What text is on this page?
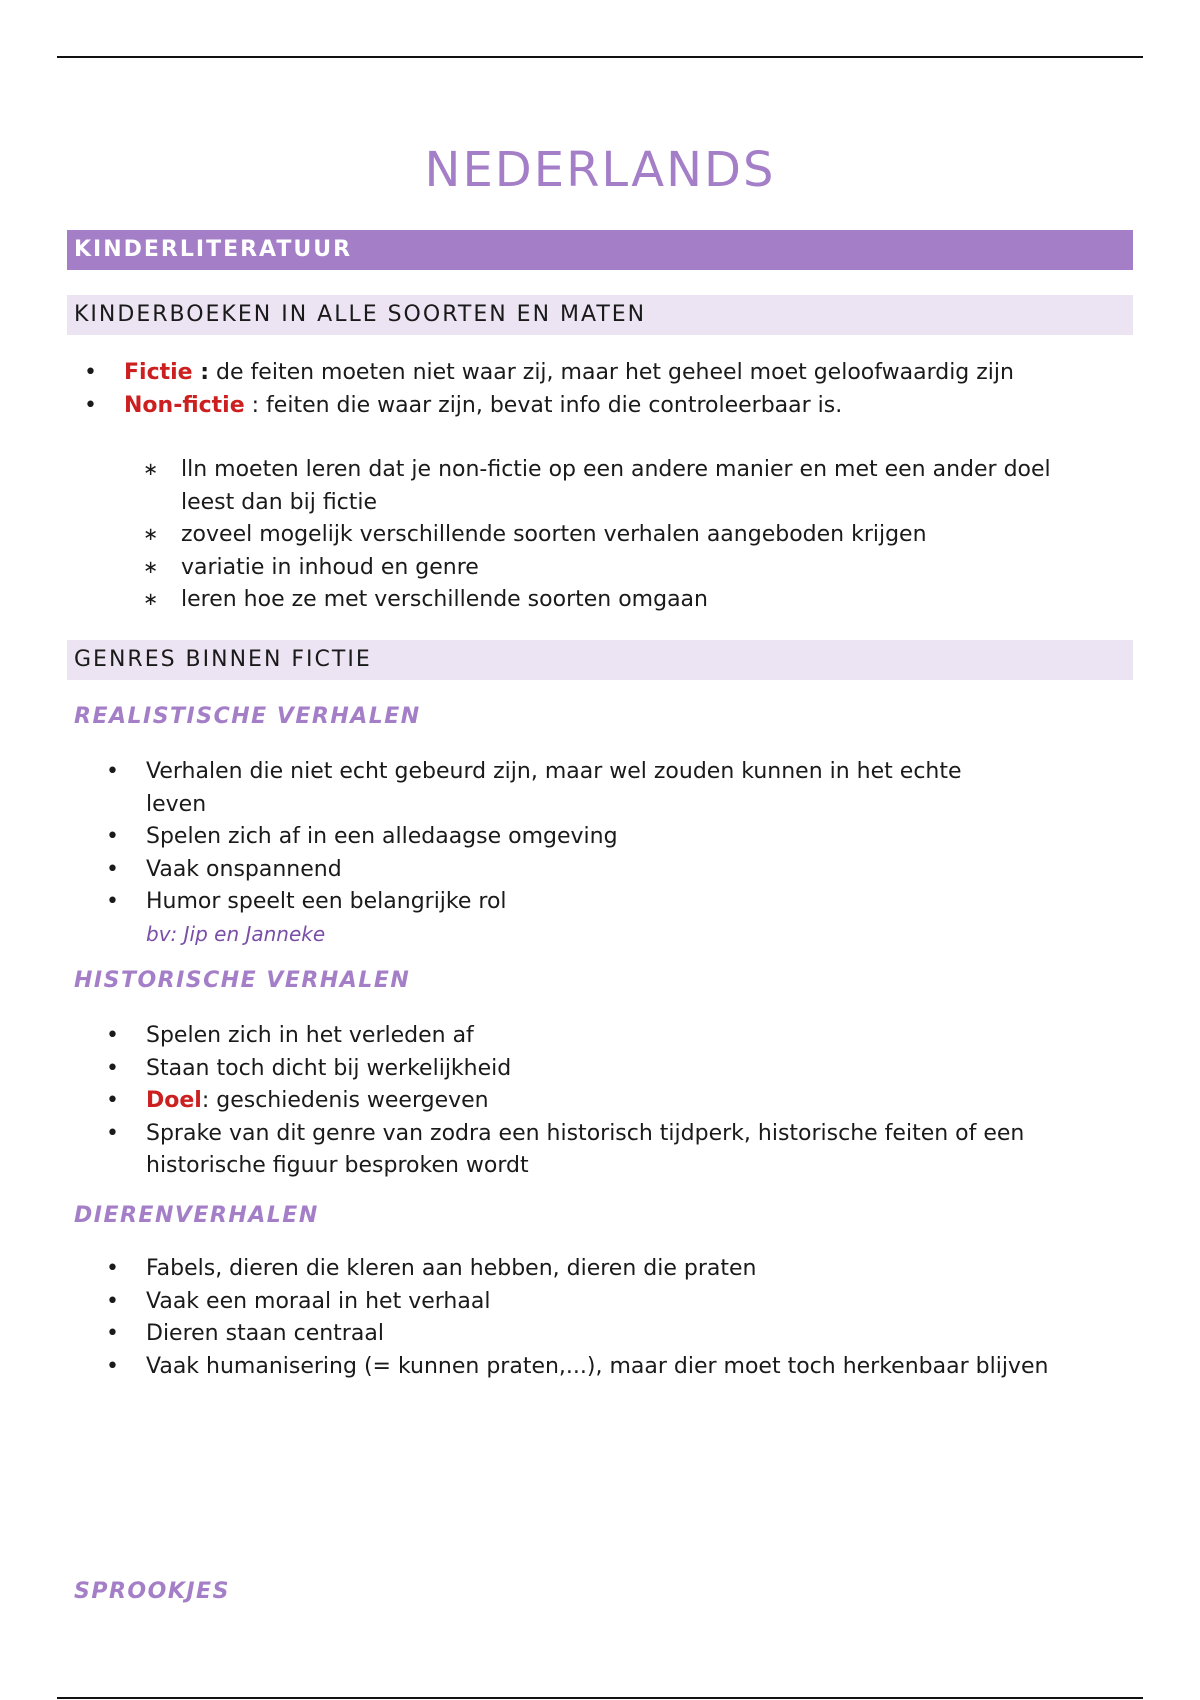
NEDERLANDS
KINDERLITERATUUR
KINDERBOEKEN IN ALLE SOORTEN EN MATEN
• Fictie : de feiten moeten niet waar zij, maar het geheel moet geloofwaardig zijn
• Non-fictie : feiten die waar zijn, bevat info die controleerbaar is.
∗ lln moeten leren dat je non-fictie op een andere manier en met een ander doel leest dan bij fictie
∗ zoveel mogelijk verschillende soorten verhalen aangeboden krijgen
∗ variatie in inhoud en genre
∗ leren hoe ze met verschillende soorten omgaan
GENRES BINNEN FICTIE
REALISTISCHE VERHALEN
• Verhalen die niet echt gebeurd zijn, maar wel zouden kunnen in het echte leven
• Spelen zich af in een alledaagse omgeving
• Vaak onspannend
• Humor speelt een belangrijke rol
bv: Jip en Janneke
HISTORISCHE VERHALEN
• Spelen zich in het verleden af
• Staan toch dicht bij werkelijkheid
• Doel: geschiedenis weergeven
• Sprake van dit genre van zodra een historisch tijdperk, historische feiten of een historische figuur besproken wordt
DIERENVERHALEN
• Fabels, dieren die kleren aan hebben, dieren die praten
• Vaak een moraal in het verhaal
• Dieren staan centraal
• Vaak humanisering (= kunnen praten,...), maar dier moet toch herkenbaar blijven
SPROOKJES
